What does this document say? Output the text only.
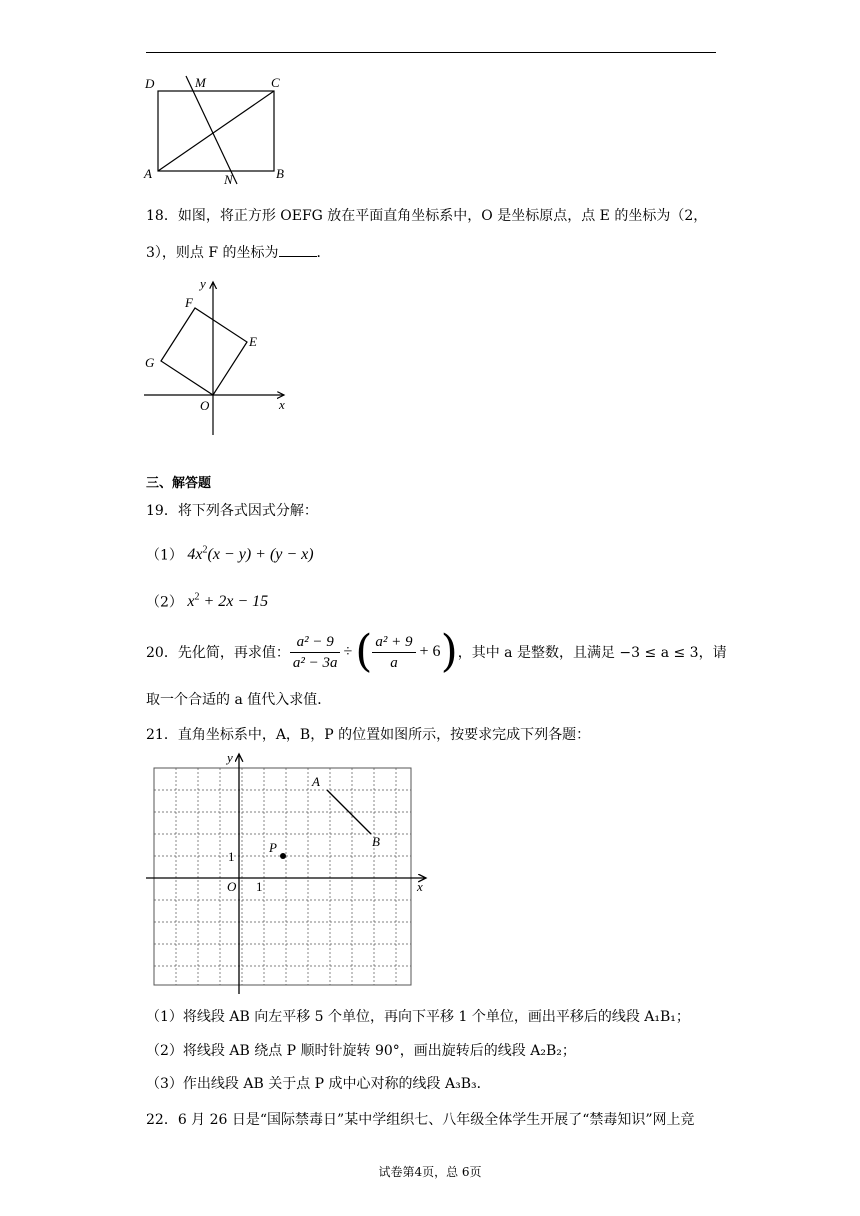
D	M	C
A	N	B
18．如图，将正方形 OEFG 放在平面直角坐标系中，O 是坐标原点，点 E 的坐标为（2，
3），则点 F 的坐标为	．
y
F
E
G
O	x
三、解答题
19．将下列各式因式分解：
（1） $4x^2(x - y) + (y - x)$
（2） $x^2 + 2x - 15$
20．先化简，再求值： $\frac{\text{a² − 9}}{\text{a² − 3a}}$ ÷ ( $\frac{\text{a² + 9}}{a} + 6$ ) ，其中 a 是整数，且满足 −3 ≤ a ≤ 3，请
取一个合适的 a 值代入求值．
21．直角坐标系中，A，B，P 的位置如图所示，按要求完成下列各题：
y
A
B
P
1
O 1	x
（1）将线段 AB 向左平移 5 个单位，再向下平移 1 个单位，画出平移后的线段 A₁B₁；
（2）将线段 AB 绕点 P 顺时针旋转 90°，画出旋转后的线段 A₂B₂；
（3）作出线段 AB 关于点 P 成中心对称的线段 A₃B₃．
22．6 月 26 日是“国际禁毒日”某中学组织七、八年级全体学生开展了“禁毒知识”网上竞
试卷第4页，总 6页
